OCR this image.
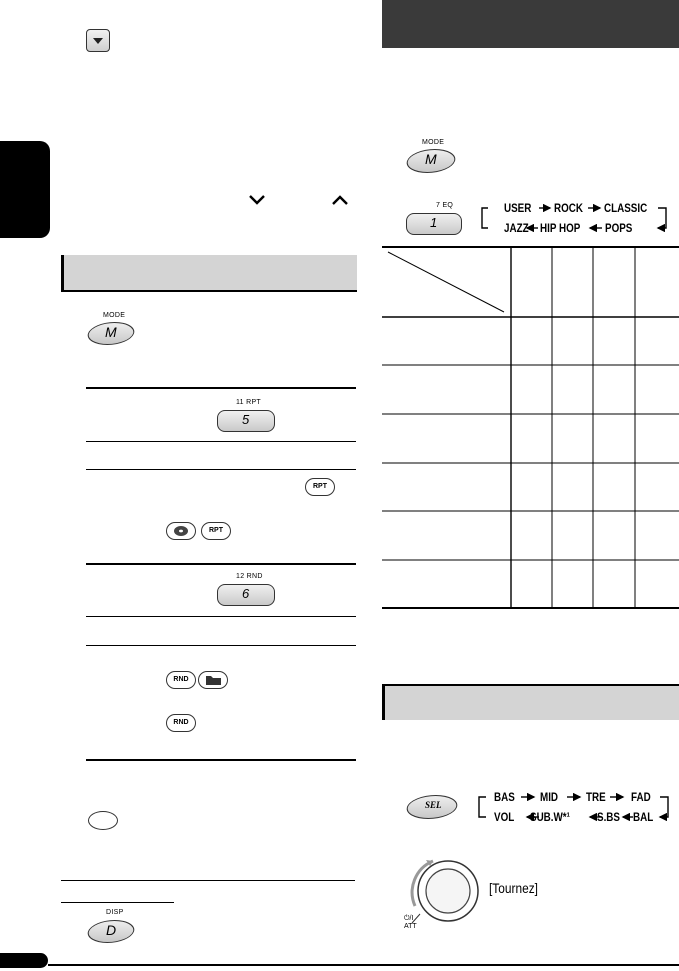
MODE
M
11 RPT
5
RPT
RPT
12 RND
6
RND
RND
DISP
D
MODE
M
7 EQ
1
USER ROCK CLASSIC
JAZZ HIP HOP POPS
SEL
BAS MID TRE FAD
VOL SUB.W*¹ S.BS BAL
⏻/I
ATT
[Tournez]
